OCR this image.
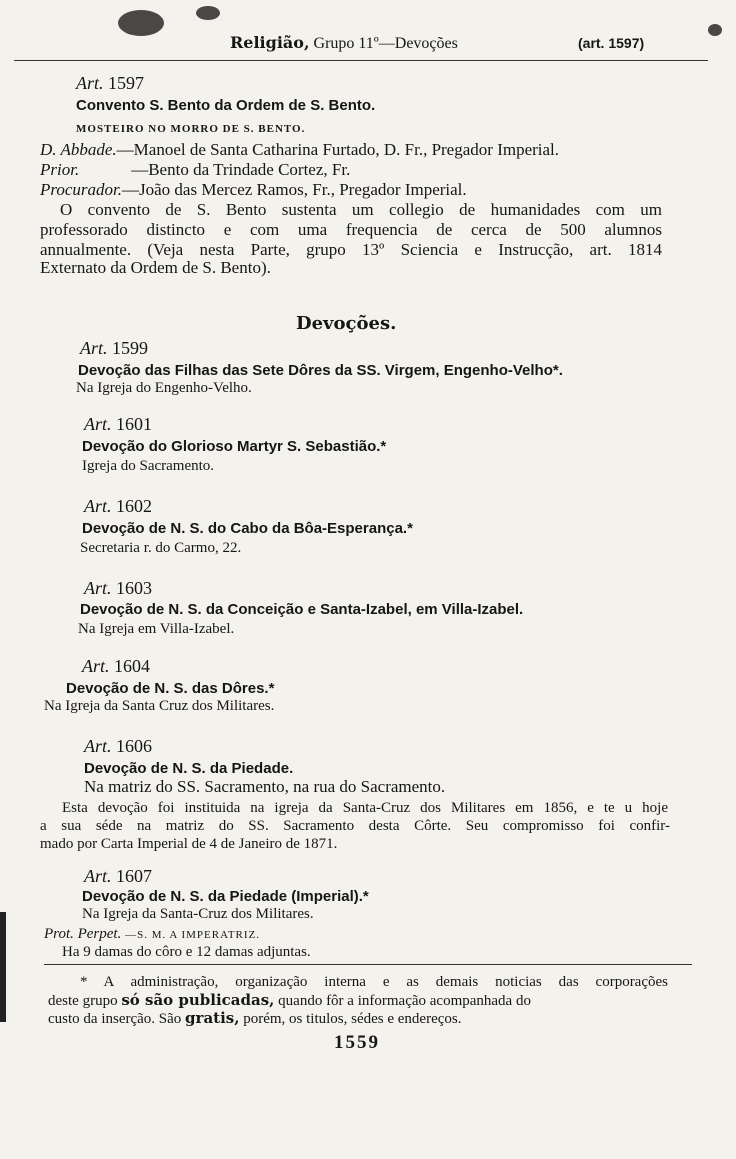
Religião, Grupo 11º—Devoções	(art. 1597)
Art. 1597
Convento S. Bento da Ordem de S. Bento.
MOSTEIRO NO MORRO DE S. BENTO.
D. Abbade.—Manoel de Santa Catharina Furtado, D. Fr., Pregador Imperial.
Prior.	—Bento da Trindade Cortez, Fr.
Procurador.—João das Mercez Ramos, Fr., Pregador Imperial.
O convento de S. Bento sustenta um collegio de humanidades com um
professorado distincto e com uma frequencia de cerca de 500 alumnos
annualmente. (Veja nesta Parte, grupo 13º Sciencia e Instrucção, art. 1814
Externato da Ordem de S. Bento).
Devoções.
Art. 1599
Devoção das Filhas das Sete Dôres da SS. Virgem, Engenho-Velho*.
Na Igreja do Engenho-Velho.
Art. 1601
Devoção do Glorioso Martyr S. Sebastião.*
Igreja do Sacramento.
Art. 1602
Devoção de N. S. do Cabo da Bôa-Esperança.*
Secretaria r. do Carmo, 22.
Art. 1603
Devoção de N. S. da Conceição e Santa-Izabel, em Villa-Izabel.
Na Igreja em Villa-Izabel.
Art. 1604
Devoção de N. S. das Dôres.*
Na Igreja da Santa Cruz dos Militares.
Art. 1606
Devoção de N. S. da Piedade.
Na matriz do SS. Sacramento, na rua do Sacramento.
Esta devoção foi instituida na igreja da Santa-Cruz dos Militares em 1856, e te u hoje
a sua séde na matriz do SS. Sacramento desta Côrte. Seu compromisso foi confir-
mado por Carta Imperial de 4 de Janeiro de 1871.
Art. 1607
Devoção de N. S. da Piedade (Imperial).*
Na Igreja da Santa-Cruz dos Militares.
Prot. Perpet. —S. M. A IMPERATRIZ.
Ha 9 damas do côro e 12 damas adjuntas.
* A administração, organização interna e as demais noticias das corporações
deste grupo só são publicadas, quando fôr a informação acompanhada do
custo da inserção. São gratis, porém, os titulos, sédes e endereços.
1559
